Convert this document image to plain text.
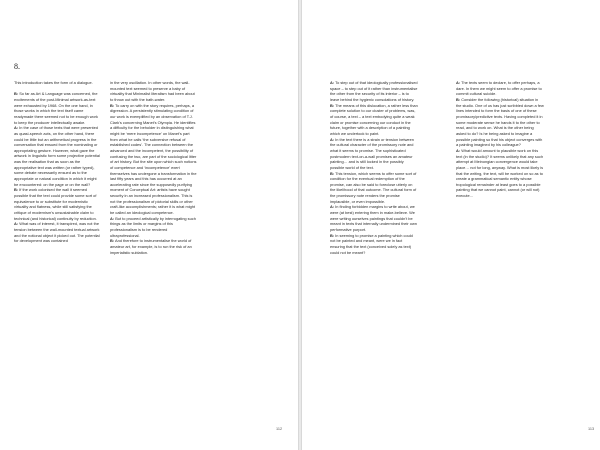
8.

This introduction takes the form of a dialogue.

B: So far as Art & Language was concerned, the excitements of the post-Minimal artwork-as-text were exhausted by 1968. On the one hand, in those works in which the text itself came readymade there seemed not to be enough work to keep the producer intellectually awake.

A: In the case of those texts that were presented as quasi-speech acts, on the other hand, there could be little but an arithmetical progress in the conversation that ensued from the nominating or appropriating gesture. However, what gave the artwork in linguistic form some projective potential was the realisation that as soon as the appropriative text was written (or rather typed), some debate necessarily ensued as to the appropriate or natural condition in which it might be encountered: on the page or on the wall?

B: If the work colonised the wall it seemed possible that the text could provide some sort of equivalence to or substitute for modernistic virtuality and flatness, while still satisfying the critique of modernism’s unsustainable claim to technical (and historical) continuity by reduction.

A: What was of interest, it transpired, was not the tension between the wall-mounted textual artwork and the notional object it picked out. The potential for development was contained

in the very oscillation. In other words, the wall-mounted text seemed to preserve a baby of virtuality that Minimalist literalism had been about to throw out with the bath-water.

B: To carry on with the story requires, perhaps, a digression. A persistently stimulating condition of our work is exemplified by an observation of T.J. Clark’s concerning Manet’s Olympia. He identifies a difficulty for the beholder in distinguishing what might be ‘mere incompetence’ on Manet’s part from what he calls ‘the subversive refusal of established codes’. The connection between the advanced and the incompetent, the possibility of confusing the two, are part of the sociological litter of art history. But the site upon which such notions of competence and ‘incompetence’ exert themselves has undergone a transformation in the last fifty years and this has occurred at an accelerating rate since the supposedly purifying moment of Conceptual Art: artists have sought security in an increased professionalism. This is not the professionalism of pictorial skills or other craft-like accomplishments; rather it is what might be called an ideological competence.

A: But to proceed artistically by interrogating such things as the limits or margins of this professionalism is to be rendered ultraprofessional.

B: And therefore to instrumentalise the world of amateur art, for example, is to run the risk of an imperialistic sublation.

112

A: To step out of that ideologically professionalised space – to step out of it rather than instrumentalise the other from the security of its interior – is to leave behind the hygienic consolations of history.

B: The means of this dislocation, a rather less than complete solution to our cluster of problems, was, of course, a text – a text embodying quite a weak claim or promise concerning our conduct in the future, together with a description of a painting which we undertook to paint.

A: In the text there is a strain or tension between the cultural character of the promissory note and what it seems to promise. The sophisticated postmodern text-on-a-wall promises an amateur painting… and is still locked in the possibly possible world of the text.

B: This tension, which seems to offer some sort of condition for the eventual redemption of the promise, can also be said to foreclose utterly on the likelihood of that outcome. The cultural form of the promissory note renders the promise implausible, or even impossible.

A: In finding forbidden margins to write about, we were (at best) entering them in make-believe. We were writing ourselves paintings that couldn’t be meant in texts that internally undermined their own performative purport.

B: In seeming to promise a painting which could not be painted and meant, were we in fact ensuring that the text (conceived solely as text) could not be meant?

A: The texts seem to declare, to offer perhaps, a dare. In them we might seem to offer a promise to commit cultural suicide.

B: Consider the following (historical) situation in the studio. One of us has just scribbled down a few lines intended to form the basis of one of these promissory/predictive texts. Having completed it in some moderate sense he hands it to the other to read, and to work on. What is the other being asked to do? Is he being asked to imagine a possible painting so that his object converges with a painting imagined by his colleague?

A: What would amount to plausible work on this text (in the studio)? It seems unlikely that any such attempt at Meinongian convergence would take place… not for long, anyway. What is most likely is that the writing, the text, will be worked on so as to create a grammatical semantic entity whose tropological remainder at least goes to a possible painting that we cannot paint, cannot (or will not) execute…

113
